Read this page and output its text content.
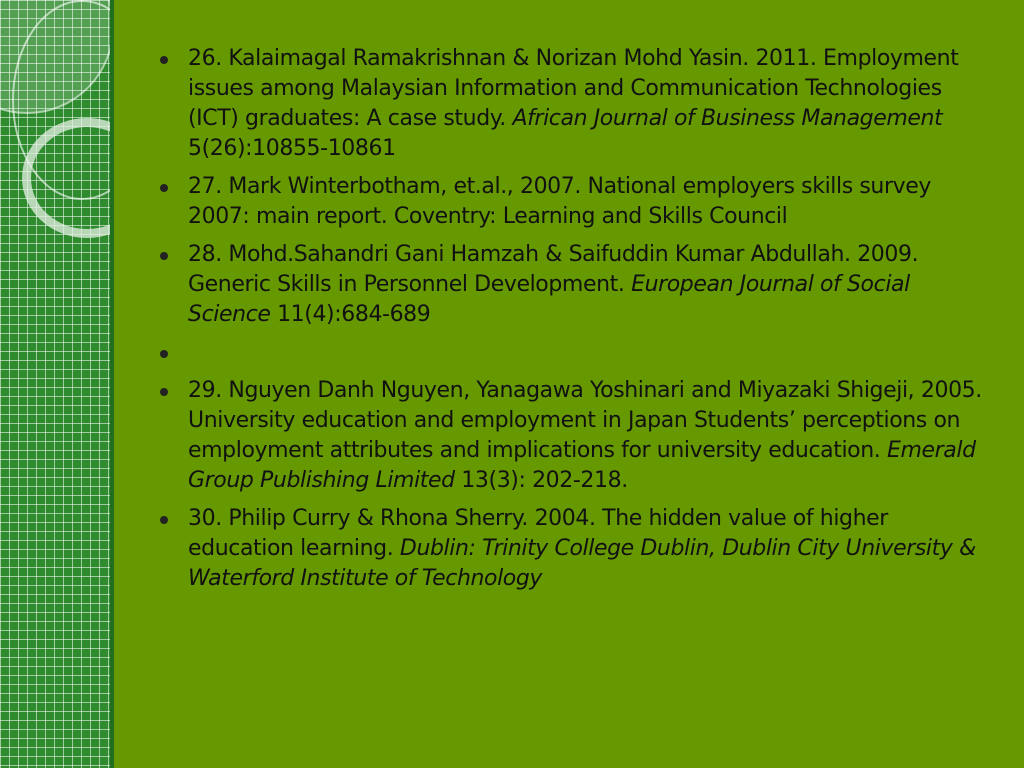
26. Kalaimagal Ramakrishnan & Norizan Mohd Yasin. 2011. Employment issues among Malaysian Information and Communication Technologies (ICT) graduates: A case study. African Journal of Business Management 5(26):10855-10861
27. Mark Winterbotham, et.al., 2007. National employers skills survey 2007: main report. Coventry: Learning and Skills Council
28. Mohd.Sahandri Gani Hamzah & Saifuddin Kumar Abdullah. 2009. Generic Skills in Personnel Development. European Journal of Social Science 11(4):684-689
29. Nguyen Danh Nguyen, Yanagawa Yoshinari and Miyazaki Shigeji, 2005. University education and employment in Japan Students’ perceptions on employment attributes and implications for university education. Emerald Group Publishing Limited 13(3): 202-218.
30. Philip Curry & Rhona Sherry. 2004. The hidden value of higher education learning. Dublin: Trinity College Dublin, Dublin City University & Waterford Institute of Technology
